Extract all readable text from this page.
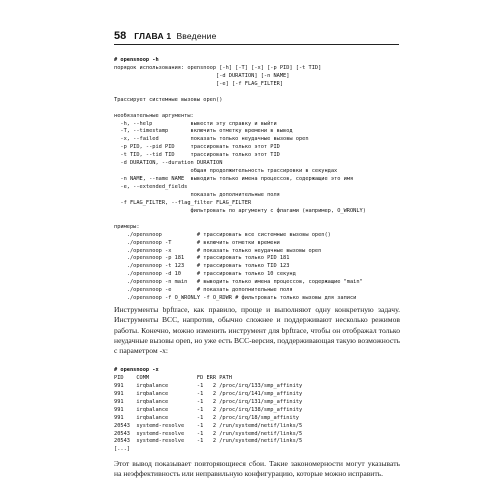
58 ГЛАВА 1 Введение
# opensnoop -h
порядок использования: opensnoop [-h] [-T] [-x] [-p PID] [-t TID]
[-d DURATION] [-n NAME]
[-e] [-f FLAG_FILTER]
Трассирует системные вызовы open()
необязательные аргументы:
-h, --help            вывести эту справку и выйти
-T, --timestamp       включить отметку времени в вывод
-x, --failed          показать только неудачные вызовы open
-p PID, --pid PID     трассировать только этот PID
-t TID, --tid TID     трассировать только этот TID
-d DURATION, --duration DURATION
общая продолжительность трассировки в секундах
-n NAME, --name NAME  выводить только имена процессов, содержащие это имя
-e, --extended_fields
показать дополнительные поля
-f FLAG_FILTER, --flag_filter FLAG_FILTER
фильтровать по аргументу с флагами (например, O_WRONLY)
примеры:
./opensnoop           # трассировать все системные вызовы open()
./opensnoop -T        # включить отметки времени
./opensnoop -x        # показать только неудачные вызовы open
./opensnoop -p 181    # трассировать только PID 181
./opensnoop -t 123    # трассировать только TID 123
./opensnoop -d 10     # трассировать только 10 секунд
./opensnoop -n main   # выводить только имена процессов, содержащие "main"
./opensnoop -e        # показать дополнительные поля
./opensnoop -f O_WRONLY -f O_RDWR # фильтровать только вызовы для записи

Инструменты bpftrace, как правило, проще и выполняют одну конкретную задачу. Инструменты BCC, напротив, обычно сложнее и поддерживают несколько режимов работы. Конечно, можно изменить инструмент для bpftrace, чтобы он отображал только неудачные вызовы open, но уже есть BCC-версия, поддерживающая такую возможность с параметром -x:

# opensnoop -x
PID    COMM               FD ERR PATH
991    irqbalance         -1   2 /proc/irq/133/smp_affinity
991    irqbalance         -1   2 /proc/irq/141/smp_affinity
991    irqbalance         -1   2 /proc/irq/131/smp_affinity
991    irqbalance         -1   2 /proc/irq/138/smp_affinity
991    irqbalance         -1   2 /proc/irq/18/smp_affinity
20543  systemd-resolve    -1   2 /run/systemd/netif/links/5
20543  systemd-resolve    -1   2 /run/systemd/netif/links/5
20543  systemd-resolve    -1   2 /run/systemd/netif/links/5
[...]

Этот вывод показывает повторяющиеся сбои. Такие закономерности могут указывать на неэффективность или неправильную конфигурацию, которые можно исправить.
